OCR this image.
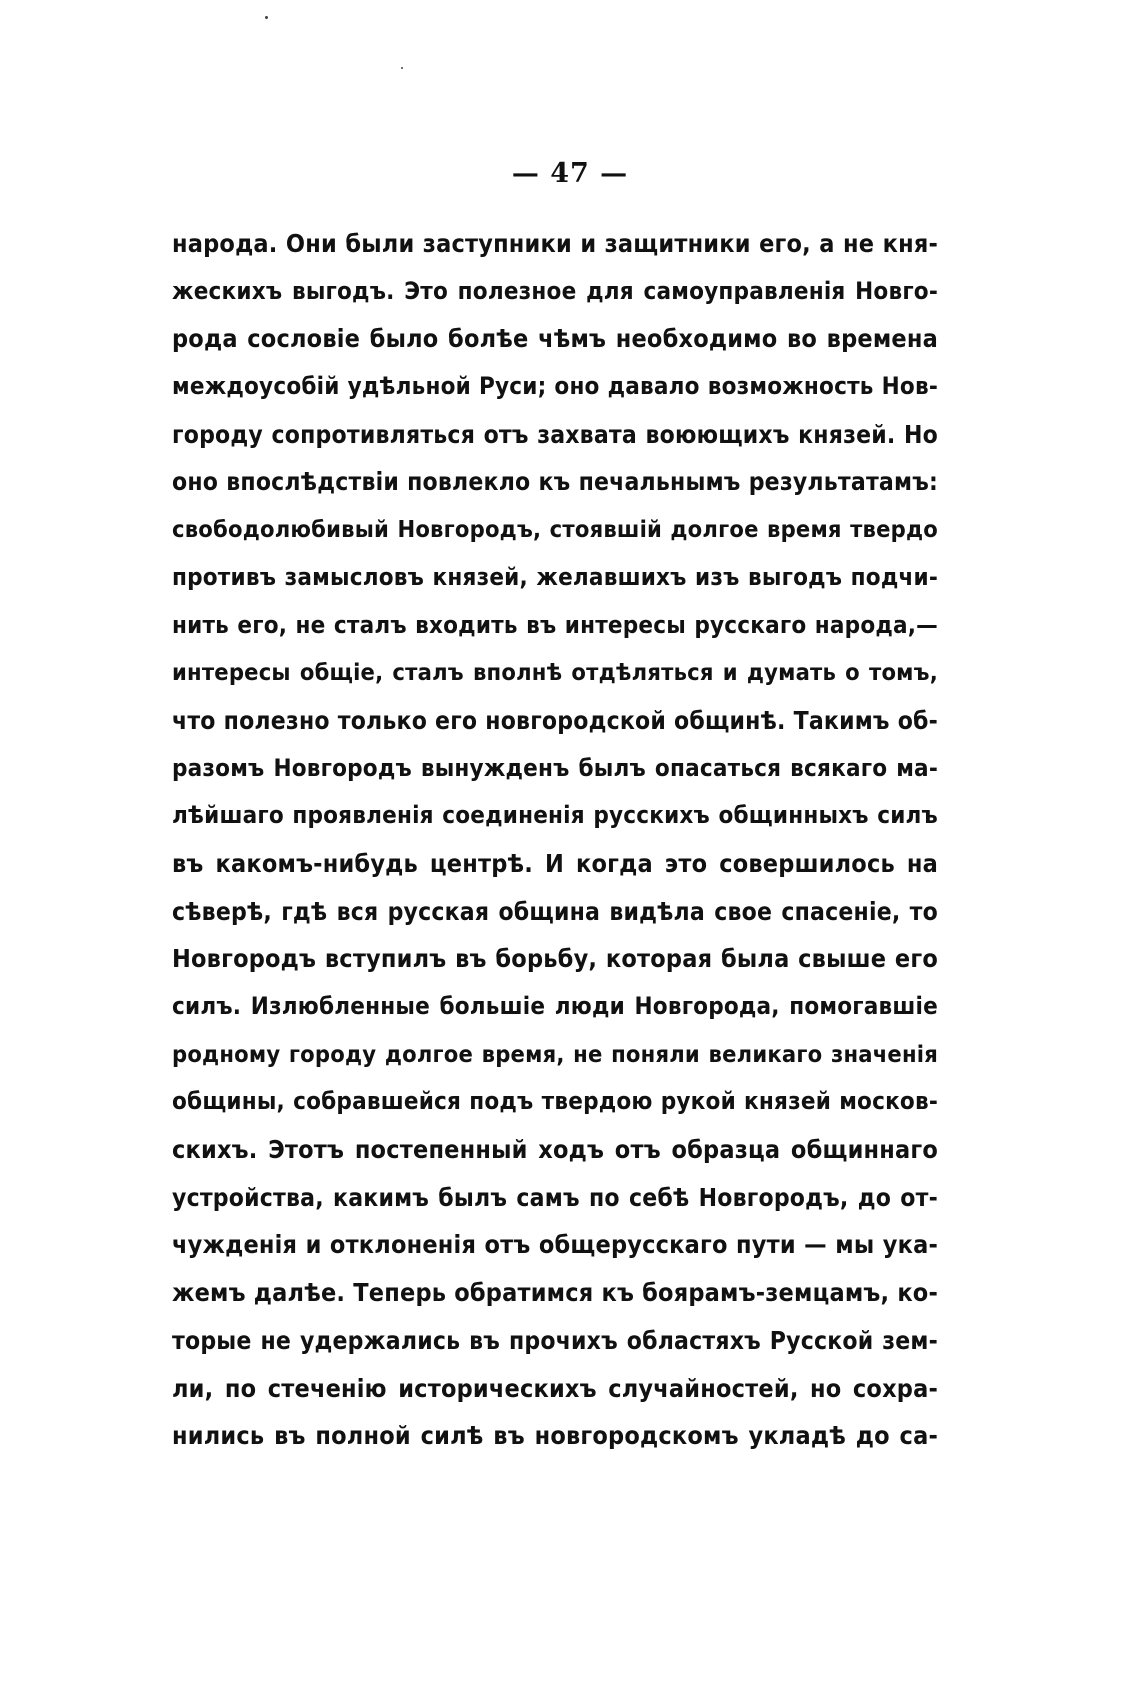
— 47 —
народа. Они были заступники и защитники его, а не кня-
жескихъ выгодъ. Это полезное для самоуправленія Новго-
рода сословіе было болѣе чѣмъ необходимо во времена
междоусобій удѣльной Руси; оно давало возможность Нов-
городу сопротивляться отъ захвата воюющихъ князей. Но
оно впослѣдствіи повлекло къ печальнымъ результатамъ:
свободолюбивый Новгородъ, стоявшій долгое время твердо
противъ замысловъ князей, желавшихъ изъ выгодъ подчи-
нить его, не сталъ входить въ интересы русскаго народа,—
интересы общіе, сталъ вполнѣ отдѣляться и думать о томъ,
что полезно только его новгородской общинѣ. Такимъ об-
разомъ Новгородъ вынужденъ былъ опасаться всякаго ма-
лѣйшаго проявленія соединенія русскихъ общинныхъ силъ
въ какомъ-нибудь центрѣ. И когда это совершилось на
сѣверѣ, гдѣ вся русская община видѣла свое спасеніе, то
Новгородъ вступилъ въ борьбу, которая была свыше его
силъ. Излюбленные большіе люди Новгорода, помогавшіе
родному городу долгое время, не поняли великаго значенія
общины, собравшейся подъ твердою рукой князей москов-
скихъ. Этотъ постепенный ходъ отъ образца общиннаго
устройства, какимъ былъ самъ по себѣ Новгородъ, до от-
чужденія и отклоненія отъ общерусскаго пути — мы ука-
жемъ далѣе. Теперь обратимся къ боярамъ-земцамъ, ко-
торые не удержались въ прочихъ областяхъ Русской зем-
ли, по стеченію историческихъ случайностей, но сохра-
нились въ полной силѣ въ новгородскомъ укладѣ до са-
